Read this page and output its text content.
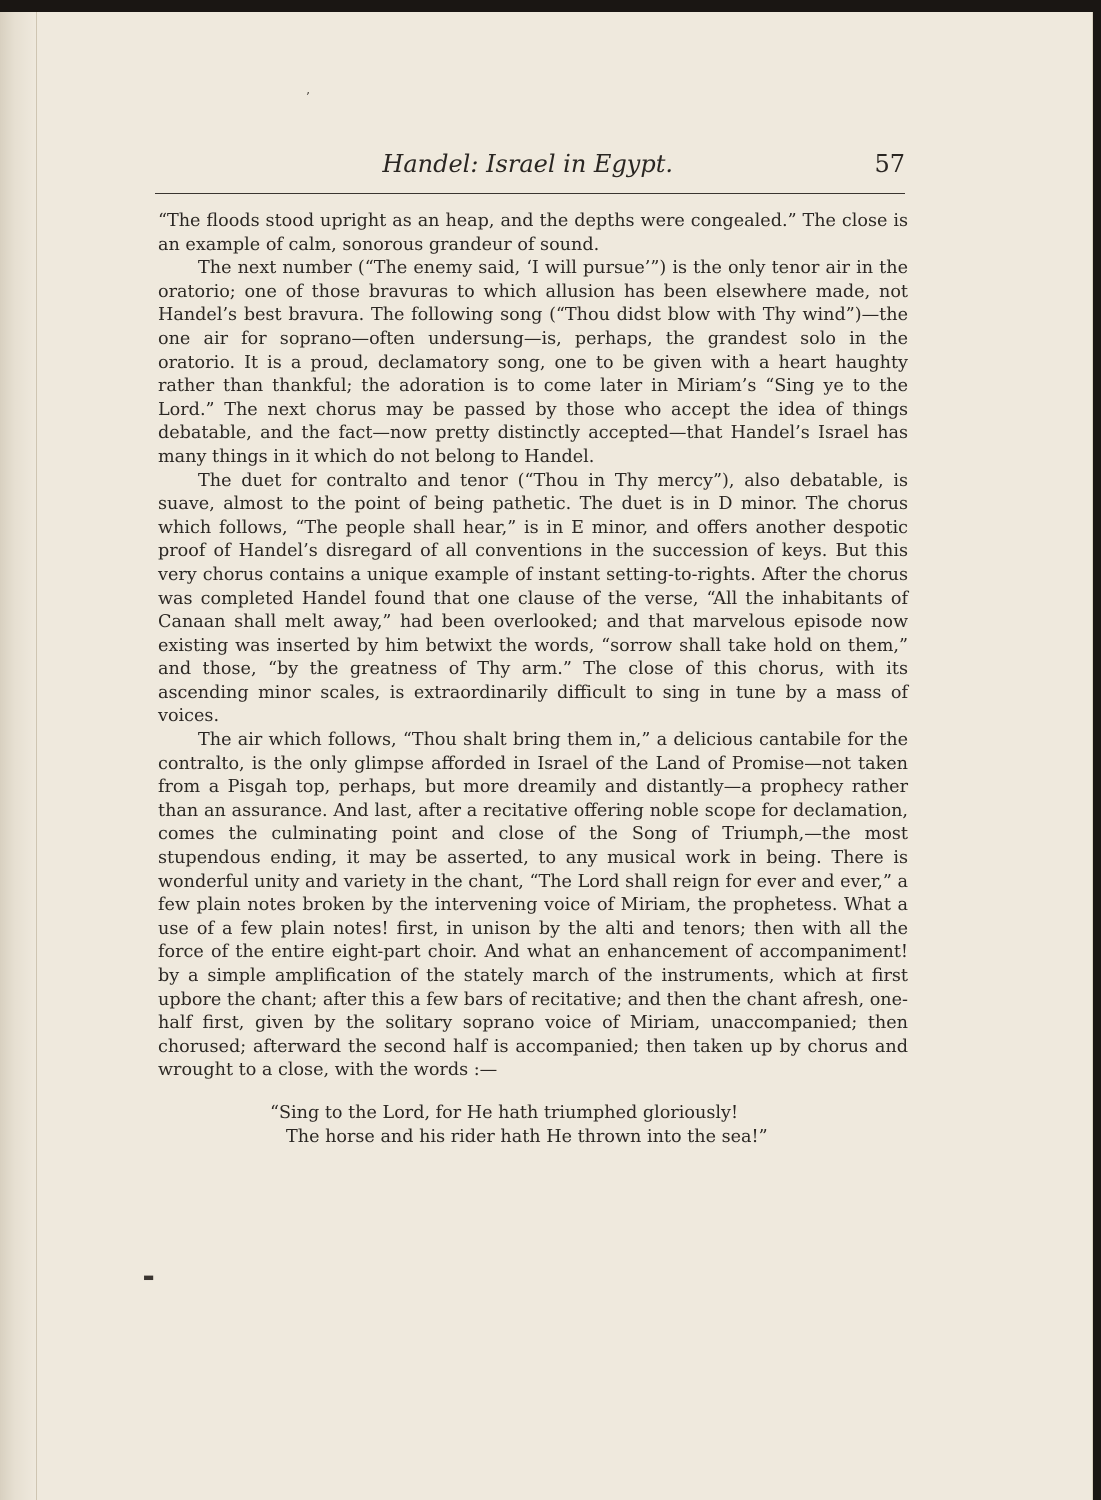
Handel: Israel in Egypt.	57

“The floods stood upright as an heap, and the depths were congealed.” The close is an example of calm, sonorous grandeur of sound.

The next number (“The enemy said, ‘I will pursue’”) is the only tenor air in the oratorio; one of those bravuras to which allusion has been elsewhere made, not Handel’s best bravura. The following song (“Thou didst blow with Thy wind”)—the one air for soprano—often undersung—is, perhaps, the grandest solo in the oratorio. It is a proud, declamatory song, one to be given with a heart haughty rather than thankful; the adoration is to come later in Miriam’s “Sing ye to the Lord.” The next chorus may be passed by those who accept the idea of things debatable, and the fact—now pretty distinctly accepted—that Handel’s Israel has many things in it which do not belong to Handel.

The duet for contralto and tenor (“Thou in Thy mercy”), also debatable, is suave, almost to the point of being pathetic. The duet is in D minor. The chorus which follows, “The people shall hear,” is in E minor, and offers another despotic proof of Handel’s disregard of all conventions in the succession of keys. But this very chorus contains a unique example of instant setting-to-rights. After the chorus was completed Handel found that one clause of the verse, “All the inhabitants of Canaan shall melt away,” had been overlooked; and that marvelous episode now existing was inserted by him betwixt the words, “sorrow shall take hold on them,” and those, “by the greatness of Thy arm.” The close of this chorus, with its ascending minor scales, is extraordinarily difficult to sing in tune by a mass of voices.

The air which follows, “Thou shalt bring them in,” a delicious cantabile for the contralto, is the only glimpse afforded in Israel of the Land of Promise—not taken from a Pisgah top, perhaps, but more dreamily and distantly—a prophecy rather than an assurance. And last, after a recitative offering noble scope for declamation, comes the culminating point and close of the Song of Triumph,—the most stupendous ending, it may be asserted, to any musical work in being. There is wonderful unity and variety in the chant, “The Lord shall reign for ever and ever,” a few plain notes broken by the intervening voice of Miriam, the prophetess. What a use of a few plain notes! first, in unison by the alti and tenors; then with all the force of the entire eight-part choir. And what an enhancement of accompaniment! by a simple amplification of the stately march of the instruments, which at first upbore the chant; after this a few bars of recitative; and then the chant afresh, one-half first, given by the solitary soprano voice of Miriam, unaccompanied; then chorused; afterward the second half is accompanied; then taken up by chorus and wrought to a close, with the words :—

“Sing to the Lord, for He hath triumphed gloriously!
The horse and his rider hath He thrown into the sea!”
’
▬
